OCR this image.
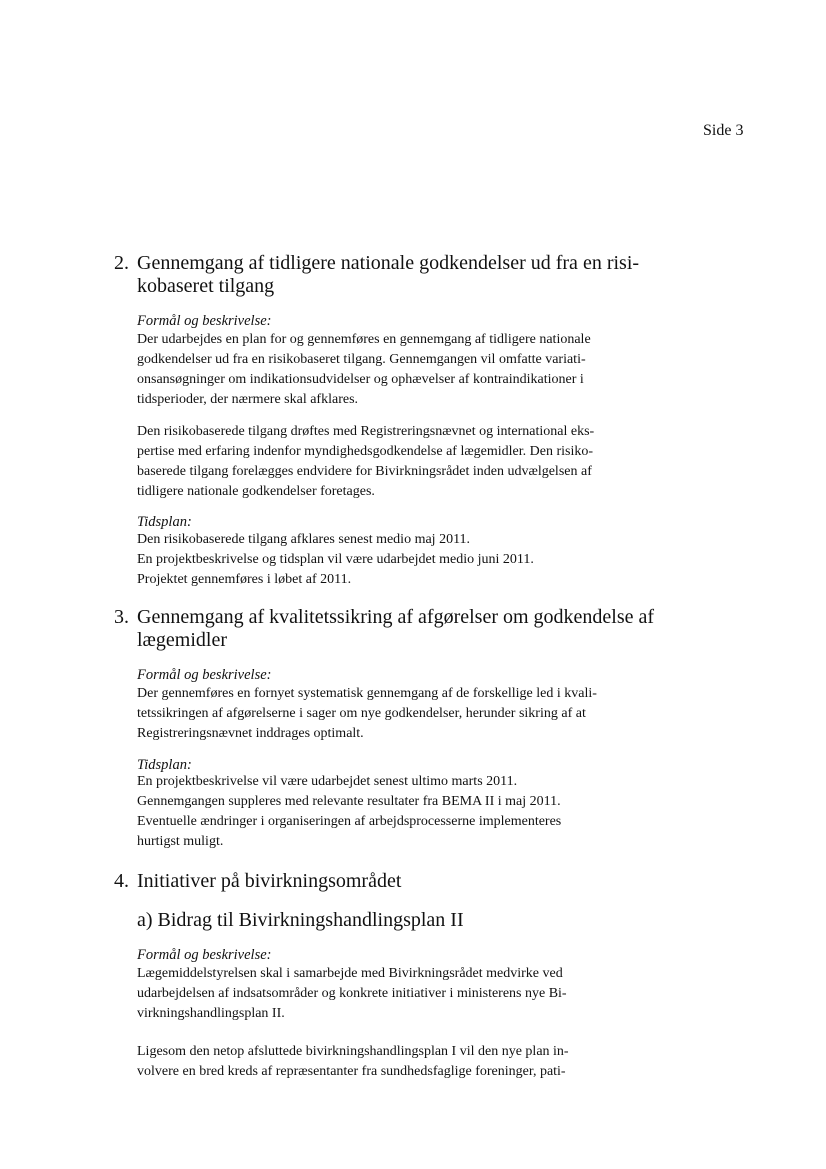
Side 3
2. Gennemgang af tidligere nationale godkendelser ud fra en risi-
kobaseret tilgang
Formål og beskrivelse:
Der udarbejdes en plan for og gennemføres en gennemgang af tidligere nationale
godkendelser ud fra en risikobaseret tilgang. Gennemgangen vil omfatte variati-
onsansøgninger om indikationsudvidelser og ophævelser af kontraindikationer i
tidsperioder, der nærmere skal afklares.
Den risikobaserede tilgang drøftes med Registreringsnævnet og international eks-
pertise med erfaring indenfor myndighedsgodkendelse af lægemidler. Den risiko-
baserede tilgang forelægges endvidere for Bivirkningsrådet inden udvælgelsen af
tidligere nationale godkendelser foretages.
Tidsplan:
Den risikobaserede tilgang afklares senest medio maj 2011.
En projektbeskrivelse og tidsplan vil være udarbejdet medio juni 2011.
Projektet gennemføres i løbet af 2011.
3. Gennemgang af kvalitetssikring af afgørelser om godkendelse af
lægemidler
Formål og beskrivelse:
Der gennemføres en fornyet systematisk gennemgang af de forskellige led i kvali-
tetssikringen af afgørelserne i sager om nye godkendelser, herunder sikring af at
Registreringsnævnet inddrages optimalt.
Tidsplan:
En projektbeskrivelse vil være udarbejdet senest ultimo marts 2011.
Gennemgangen suppleres med relevante resultater fra BEMA II i maj 2011.
Eventuelle ændringer i organiseringen af arbejdsprocesserne implementeres
hurtigst muligt.
4. Initiativer på bivirkningsområdet
a) Bidrag til Bivirkningshandlingsplan II
Formål og beskrivelse:
Lægemiddelstyrelsen skal i samarbejde med Bivirkningsrådet medvirke ved
udarbejdelsen af indsatsområder og konkrete initiativer i ministerens nye Bi-
virkningshandlingsplan II.
Ligesom den netop afsluttede bivirkningshandlingsplan I vil den nye plan in-
volvere en bred kreds af repræsentanter fra sundhedsfaglige foreninger, pati-
